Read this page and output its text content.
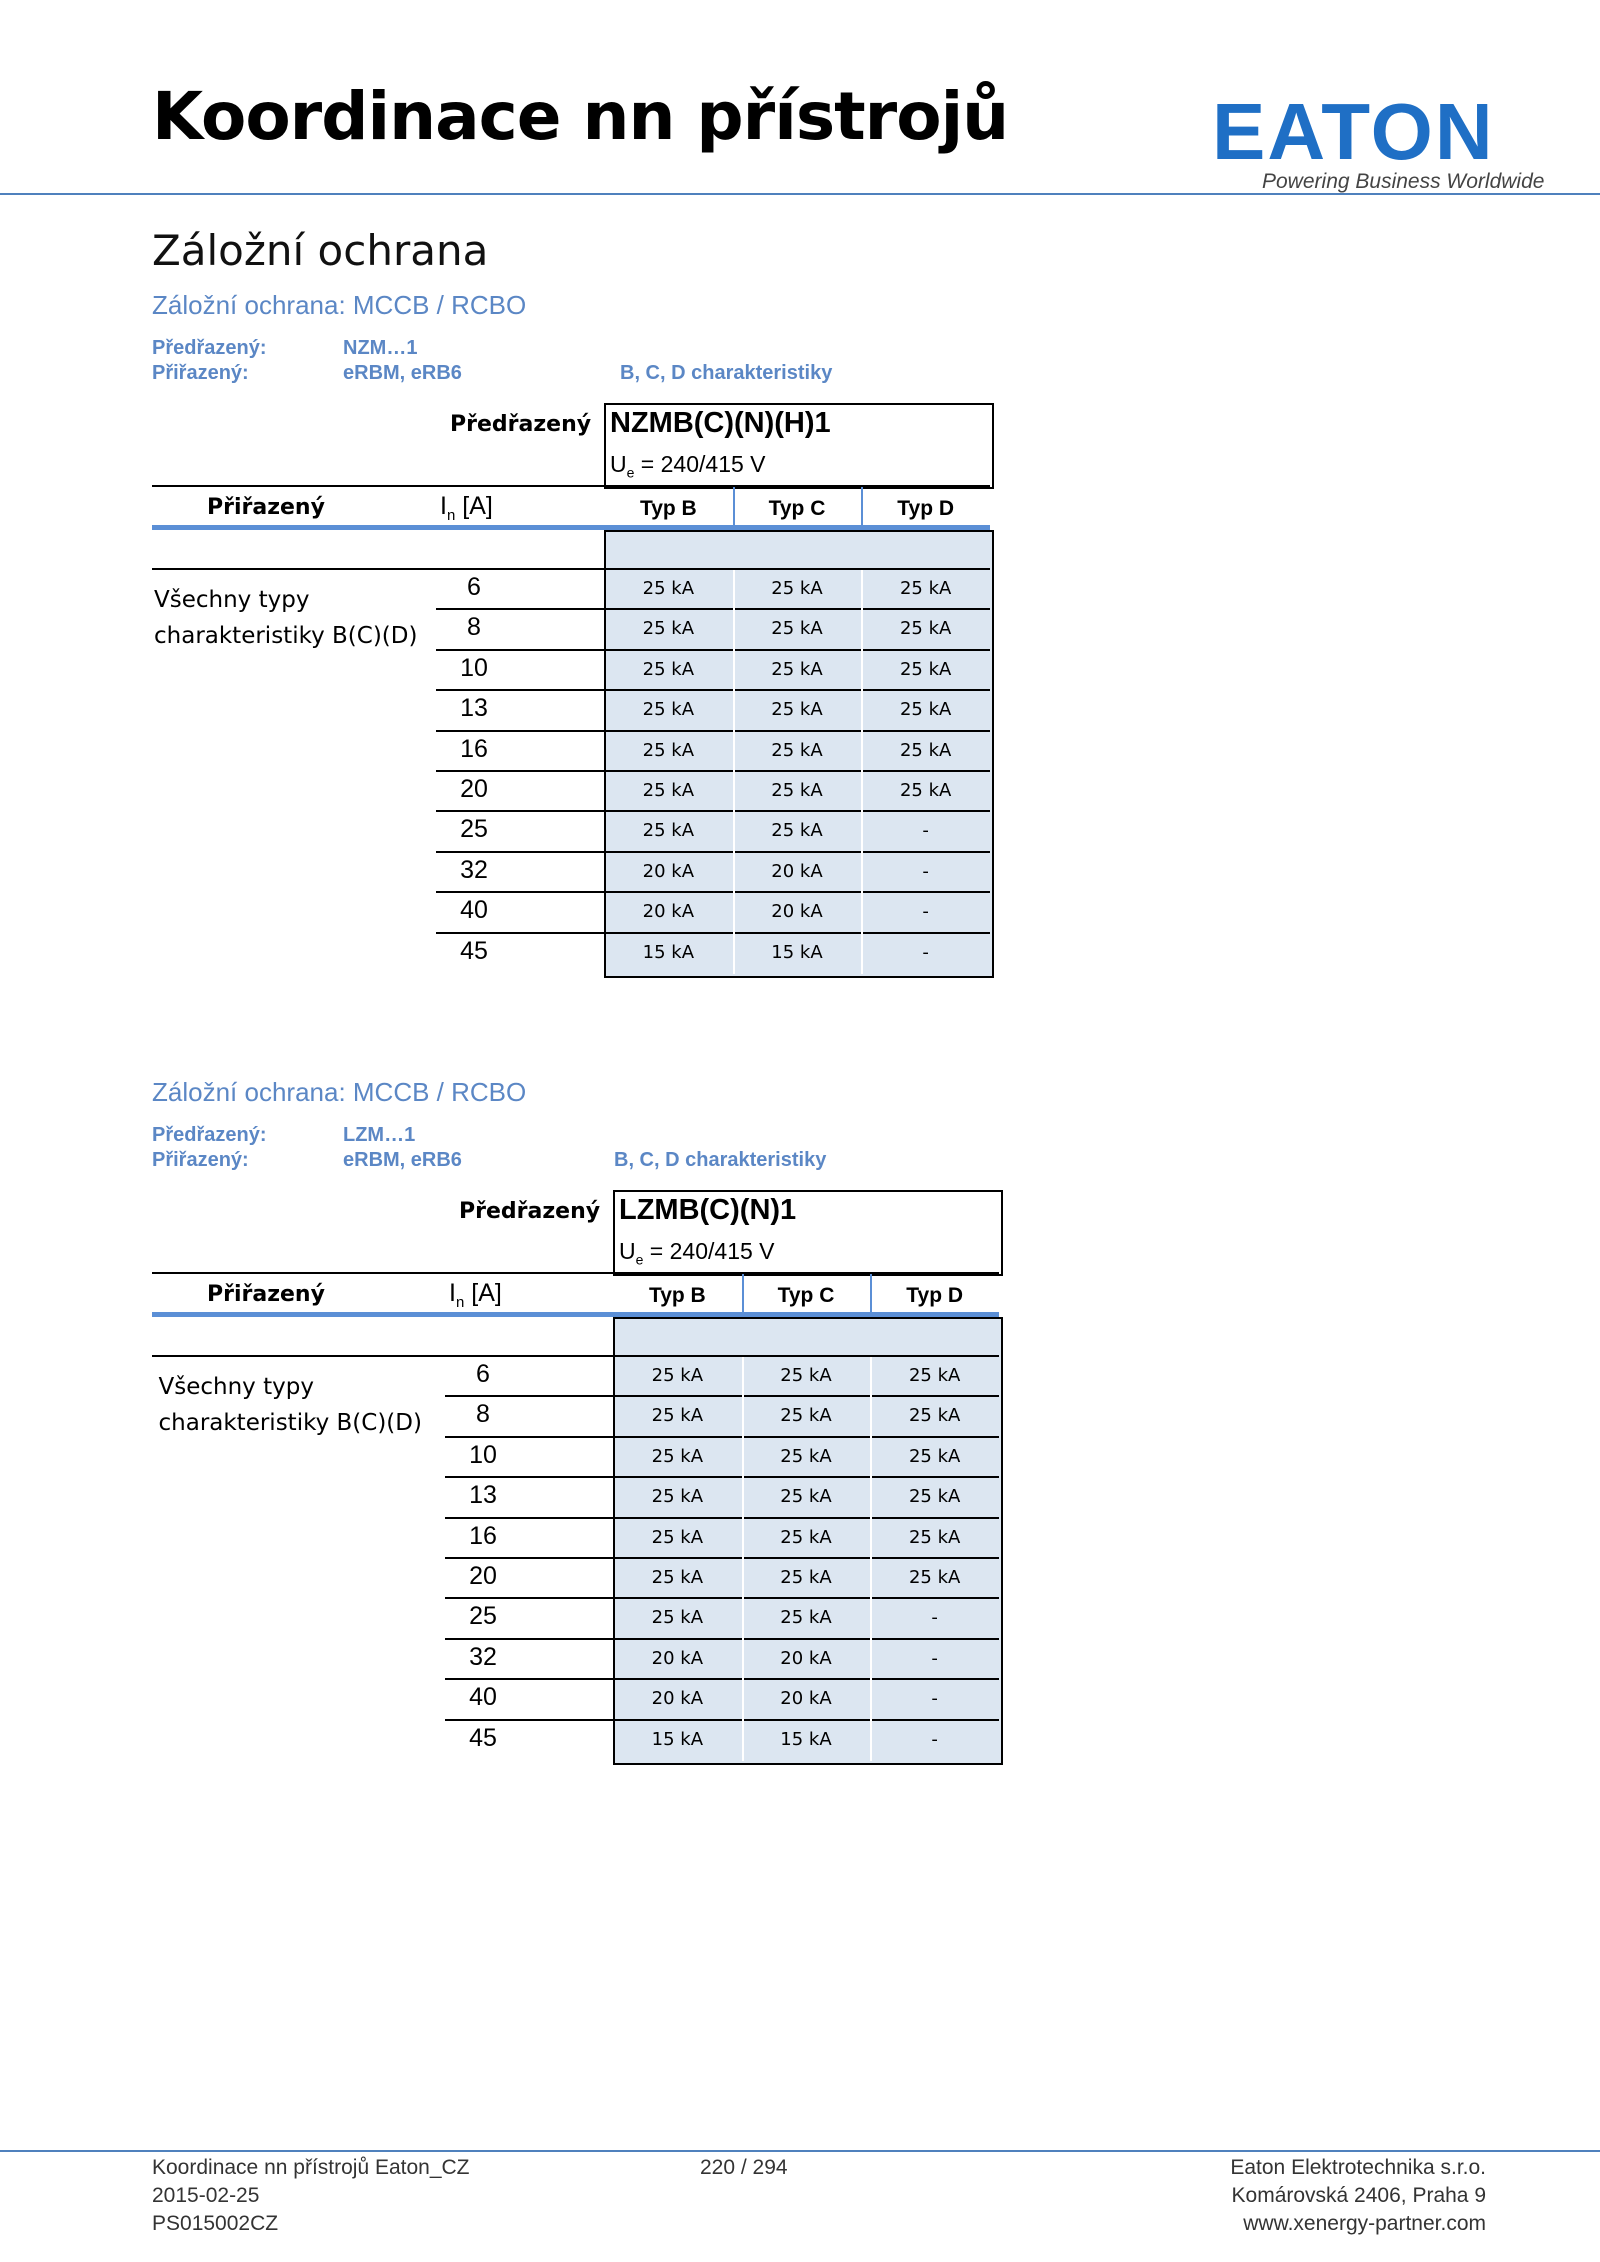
Koordinace nn přístrojů	EATON
Powering Business Worldwide
Záložní ochrana
Záložní ochrana: MCCB / RCBO
Předřazený:	NZM…1
Přiřazený:	eRBM, eRB6	B, C, D charakteristiky
NZMB(C)(N)(H)1
$U_e = 240/415$ V
Předřazený
Přiřazený	$I_n$ [A]	Typ B	Typ C	Typ D
Všechny typy
charakteristiky B(C)(D)
6	25 kA	25 kA	25 kA
8	25 kA	25 kA	25 kA
10	25 kA	25 kA	25 kA
13	25 kA	25 kA	25 kA
16	25 kA	25 kA	25 kA
20	25 kA	25 kA	25 kA
25	25 kA	25 kA	-
32	20 kA	20 kA	-
40	20 kA	20 kA	-
45	15 kA	15 kA	-
Záložní ochrana: MCCB / RCBO
Předřazený:	LZM…1
Přiřazený:	eRBM, eRB6	B, C, D charakteristiky
LZMB(C)(N)1
$U_e = 240/415$ V
Předřazený
Přiřazený	$I_n$ [A]	Typ B	Typ C	Typ D
Všechny typy
charakteristiky B(C)(D)
6	25 kA	25 kA	25 kA
8	25 kA	25 kA	25 kA
10	25 kA	25 kA	25 kA
13	25 kA	25 kA	25 kA
16	25 kA	25 kA	25 kA
20	25 kA	25 kA	25 kA
25	25 kA	25 kA	-
32	20 kA	20 kA	-
40	20 kA	20 kA	-
45	15 kA	15 kA	-
Koordinace nn přístrojů Eaton_CZ
2015-02-25
PS015002CZ
220 / 294	Eaton Elektrotechnika s.r.o.
Komárovská 2406, Praha 9
www.xenergy-partner.com
